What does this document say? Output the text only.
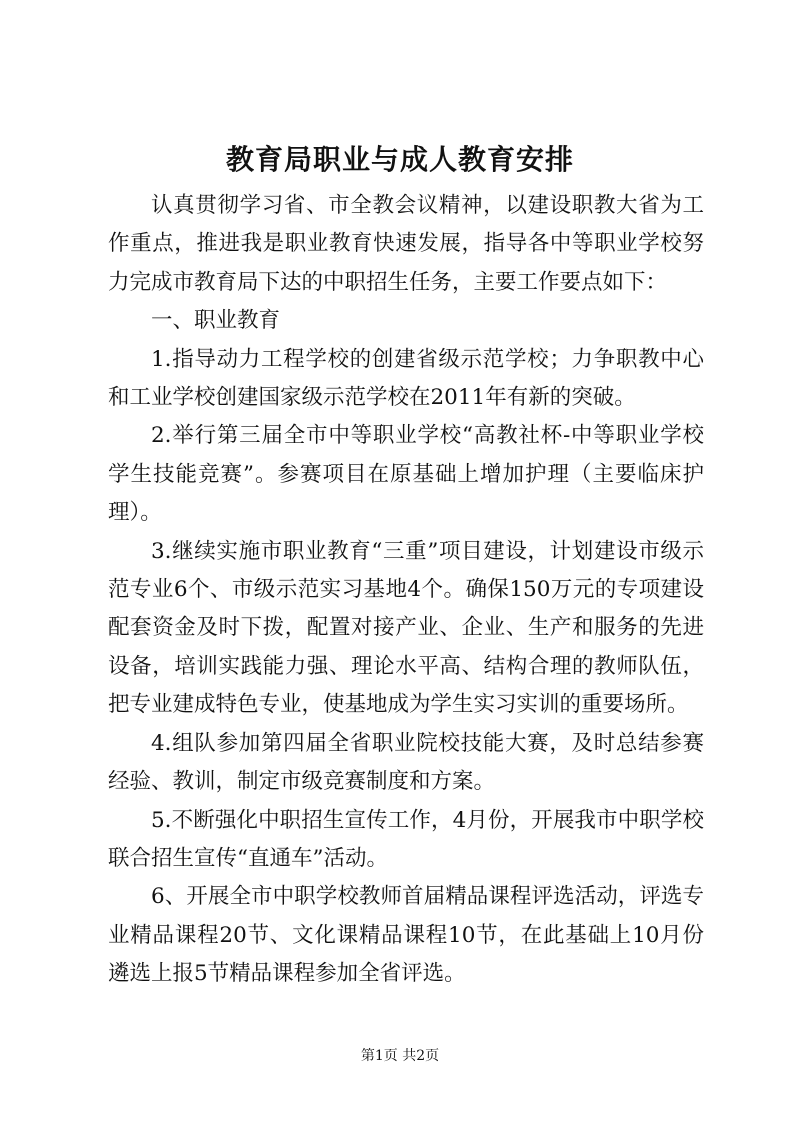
教育局职业与成人教育安排

认真贯彻学习省、市全教会议精神，以建设职教大省为工作重点，推进我是职业教育快速发展，指导各中等职业学校努力完成市教育局下达的中职招生任务，主要工作要点如下：

一、职业教育

1.指导动力工程学校的创建省级示范学校；力争职教中心和工业学校创建国家级示范学校在2011年有新的突破。

2.举行第三届全市中等职业学校“高教社杯-中等职业学校学生技能竞赛”。参赛项目在原基础上增加护理（主要临床护理）。

3.继续实施市职业教育“三重”项目建设，计划建设市级示范专业6个、市级示范实习基地4个。确保150万元的专项建设配套资金及时下拨，配置对接产业、企业、生产和服务的先进设备，培训实践能力强、理论水平高、结构合理的教师队伍，把专业建成特色专业，使基地成为学生实习实训的重要场所。

4.组队参加第四届全省职业院校技能大赛，及时总结参赛经验、教训，制定市级竞赛制度和方案。

5.不断强化中职招生宣传工作，4月份，开展我市中职学校联合招生宣传“直通车”活动。

6、开展全市中职学校教师首届精品课程评选活动，评选专业精品课程20节、文化课精品课程10节，在此基础上10月份遴选上报5节精品课程参加全省评选。

第1页 共2页
